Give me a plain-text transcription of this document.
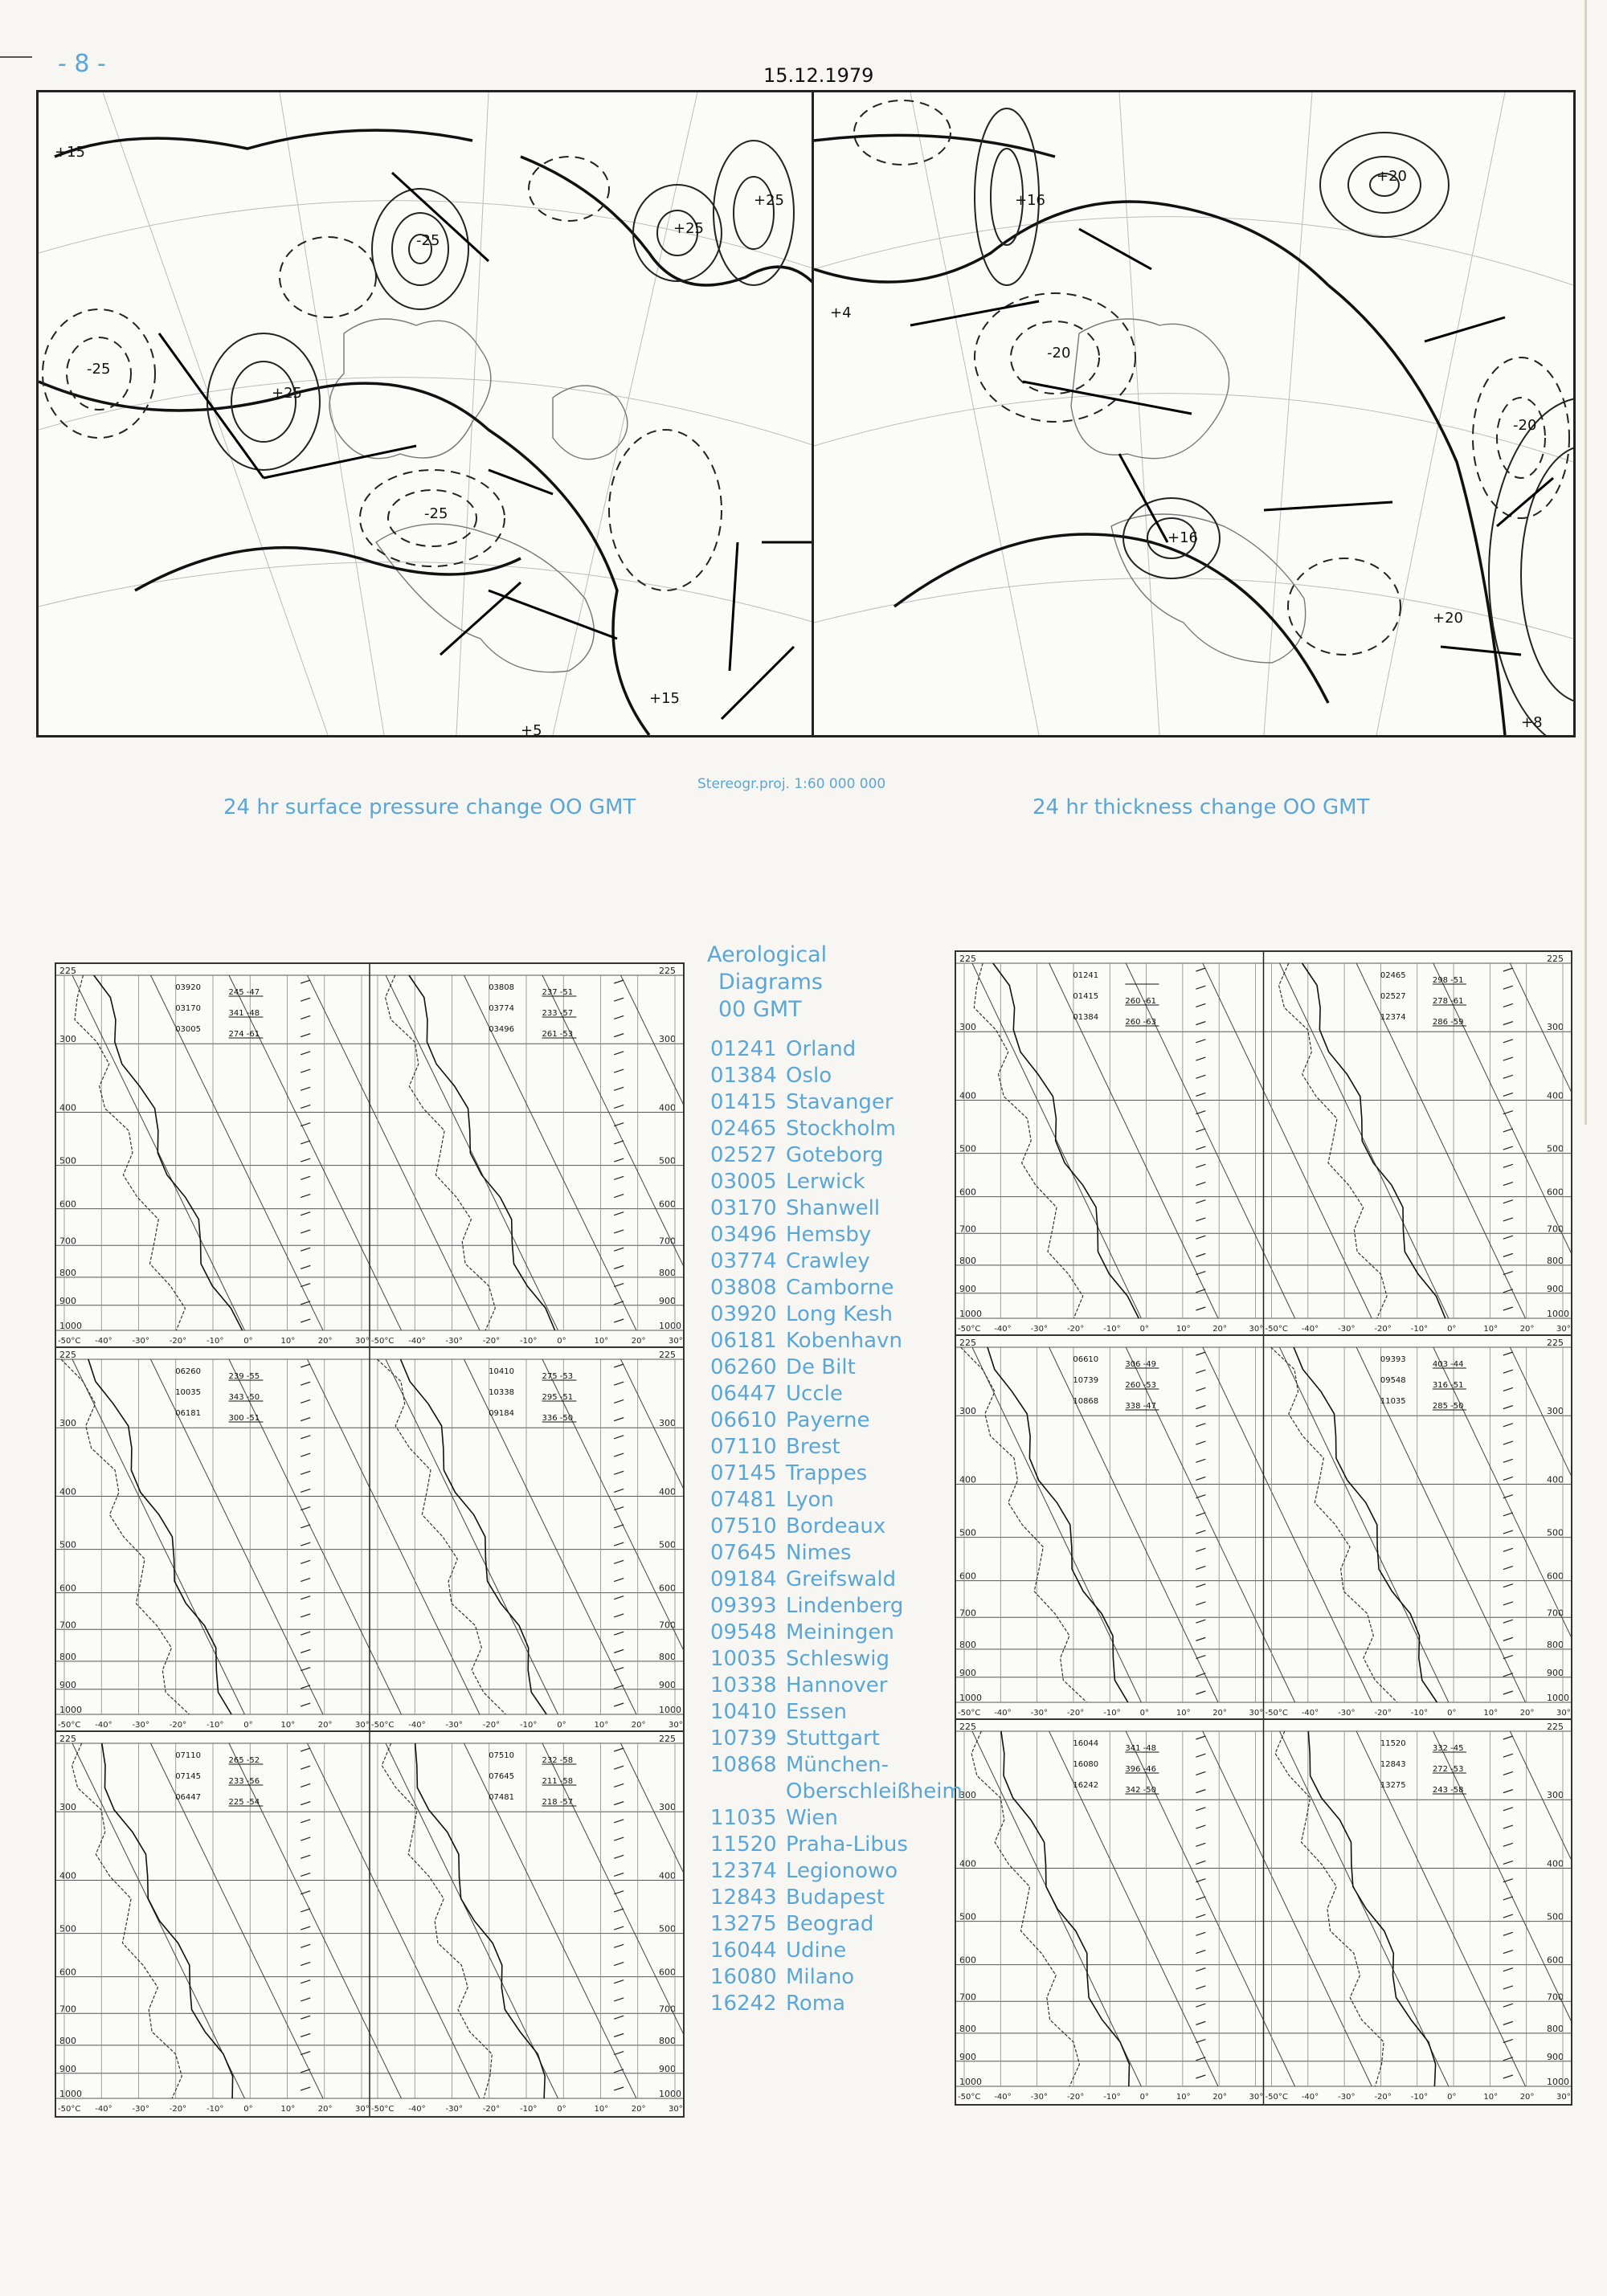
- 8 -	15.12.1979
+25
-25
-25
+25
+25
-25
+15
+15
+5
+20
+16
-20
+16
-20
+20
+4
+8
Stereogr.proj. 1:60 000 000
24 hr surface pressure change OO GMT	24 hr thickness change OO GMT
225	225
300	300
400	400
500	500
600	600
700	700
800	800
900	900
1000	1000
-50°C -40° -30° -20° -10° 0°	10°	20°	30°
03920
245 -47
03170
341 -48
03005
274 -61
-50°C -40° -30° -20° -10° 0°	10°	20°	30°
03808
237 -51
03774
233 -57
03496
261 -53
225	225
300	300
400	400
500	500
600	600
700	700
800	800
900	900
1000	1000
-50°C -40° -30° -20° -10° 0°	10°	20°	30°
06260
239 -55
10035
343 -50
06181
300 -51
-50°C -40° -30° -20° -10° 0°	10°	20°	30°
10410
275 -53
10338
295 -51
09184
336 -50
225	225
300	300
400	400
500	500
600	600
700	700
800	800
900	900
1000	1000
-50°C -40° -30° -20° -10° 0°	10°	20°	30°
07110
265 -52
07145
233 -56
06447
225 -54
-50°C -40° -30° -20° -10° 0°	10°	20°	30°
07510
232 -58
07645
211 -58
07481
218 -57
225	225
300	300
400	400
500	500
600	600
700	700
800	800
900	900
1000	1000
-50°C -40° -30° -20° -10° 0°	10°	20°	30°
01241
01415
260 -61
01384
260 -63
-50°C -40° -30° -20° -10° 0°	10°	20°	30°
02465
298 -51
02527
278 -61
12374
286 -59
225	225
300	300
400	400
500	500
600	600
700	700
800	800
900	900
1000	1000
-50°C -40° -30° -20° -10° 0°	10°	20°	30°
06610
306 -49
10739
260 -53
10868
338 -47
-50°C -40° -30° -20° -10° 0°	10°	20°	30°
09393
403 -44
09548
316 -51
11035
285 -50
225	225
300	300
400	400
500	500
600	600
700	700
800	800
900	900
1000	1000
-50°C -40° -30° -20° -10° 0°	10°	20°	30°
16044
341 -48
16080
396 -46
16242
342 -50
-50°C -40° -30° -20° -10° 0°	10°	20°	30°
11520
332 -45
12843
272 -53
13275
243 -58
Aerological
Diagrams
00 GMT
01241 Orland
01384 Oslo
01415 Stavanger
02465 Stockholm
02527 Goteborg
03005 Lerwick
03170 Shanwell
03496 Hemsby
03774 Crawley
03808 Camborne
03920 Long Kesh
06181 Kobenhavn
06260 De Bilt
06447 Uccle
06610 Payerne
07110 Brest
07145 Trappes
07481 Lyon
07510 Bordeaux
07645 Nimes
09184 Greifswald
09393 Lindenberg
09548 Meiningen
10035 Schleswig
10338 Hannover
10410 Essen
10739 Stuttgart
10868 München-
Oberschleißheim
11035 Wien
11520 Praha-Libus
12374 Legionowo
12843 Budapest
13275 Beograd
16044 Udine
16080 Milano
16242 Roma
